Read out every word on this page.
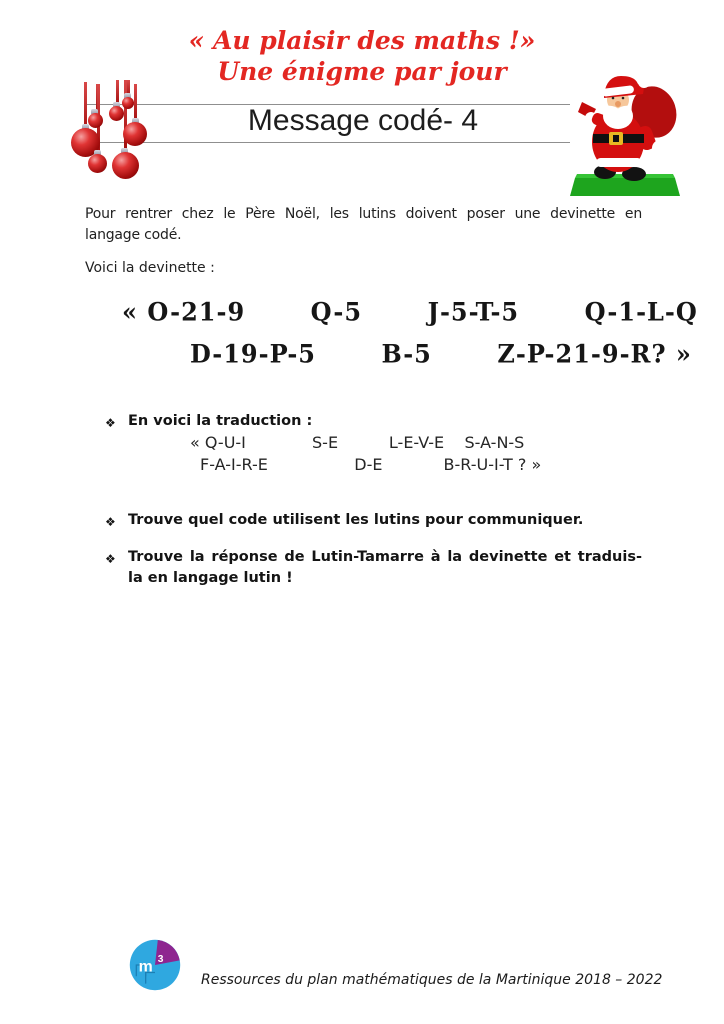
« Au plaisir des maths !»
Une énigme par jour
Message codé- 4
Pour rentrer chez le Père Noël, les lutins doivent poser une devinette en
langage codé.
Voici la devinette :
« O-21-9       Q-5       J-5-T-5       Q-1-L-Q
D-19-P-5       B-5       Z-P-21-9-R? »
❖ En voici la traduction :
« Q-U-I             S-E          L-E-V-E    S-A-N-S
F-A-I-R-E                 D-E            B-R-U-I-T ? »
❖ Trouve quel code utilisent les lutins pour communiquer.
❖ Trouve la réponse de Lutin-Tamarre à la devinette et traduis-
la en langage lutin !
m 3
Ressources du plan mathématiques de la Martinique 2018 – 2022
